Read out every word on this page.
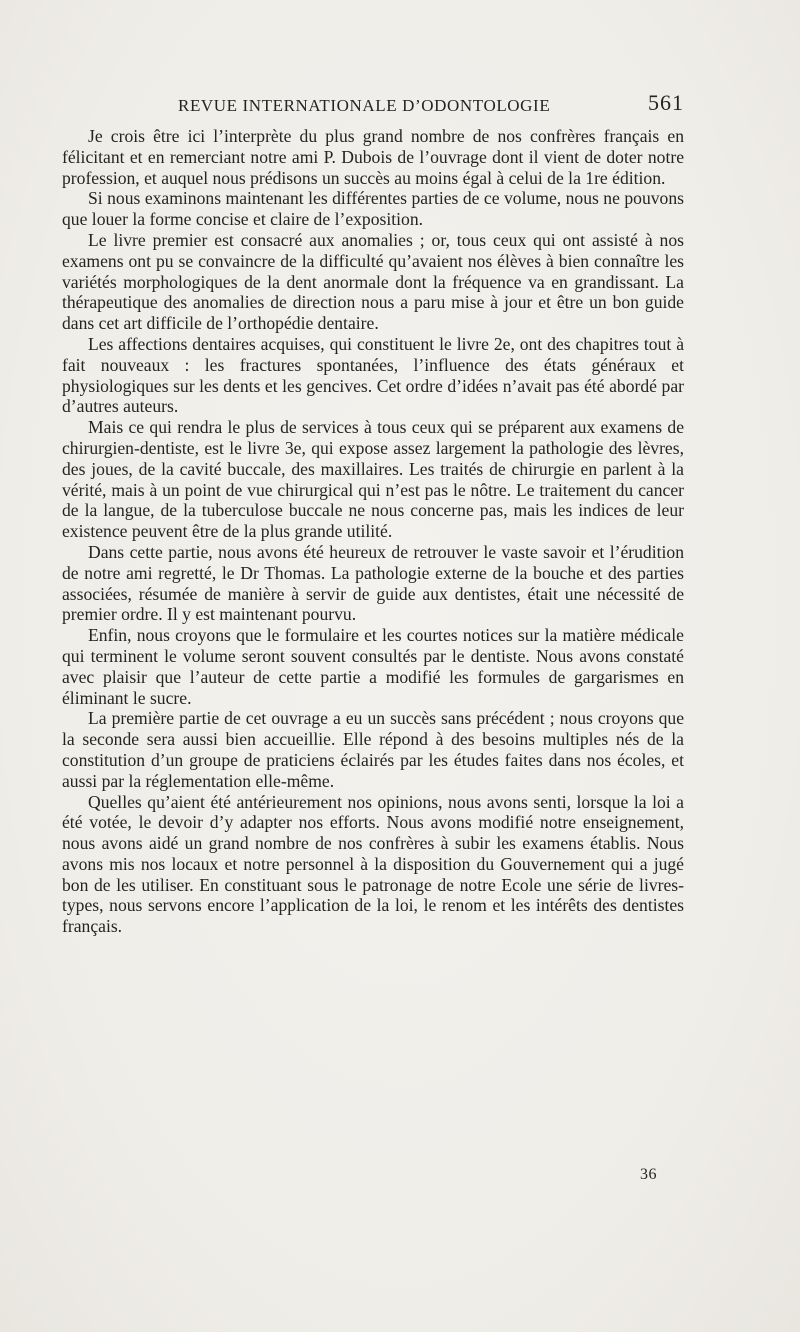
REVUE INTERNATIONALE D’ODONTOLOGIE	561

Je crois être ici l’interprète du plus grand nombre de nos confrères français en félicitant et en remerciant notre ami P. Dubois de l’ouvrage dont il vient de doter notre profession, et auquel nous prédisons un succès au moins égal à celui de la 1re édition.

Si nous examinons maintenant les différentes parties de ce volume, nous ne pouvons que louer la forme concise et claire de l’exposition.

Le livre premier est consacré aux anomalies ; or, tous ceux qui ont assisté à nos examens ont pu se convaincre de la difficulté qu’avaient nos élèves à bien connaître les variétés morphologiques de la dent anormale dont la fréquence va en grandissant. La thérapeutique des anomalies de direction nous a paru mise à jour et être un bon guide dans cet art difficile de l’orthopédie dentaire.

Les affections dentaires acquises, qui constituent le livre 2e, ont des chapitres tout à fait nouveaux : les fractures spontanées, l’influence des états généraux et physiologiques sur les dents et les gencives. Cet ordre d’idées n’avait pas été abordé par d’autres auteurs.

Mais ce qui rendra le plus de services à tous ceux qui se préparent aux examens de chirurgien-dentiste, est le livre 3e, qui expose assez largement la pathologie des lèvres, des joues, de la cavité buccale, des maxillaires. Les traités de chirurgie en parlent à la vérité, mais à un point de vue chirurgical qui n’est pas le nôtre. Le traitement du cancer de la langue, de la tuberculose buccale ne nous concerne pas, mais les indices de leur existence peuvent être de la plus grande utilité.

Dans cette partie, nous avons été heureux de retrouver le vaste savoir et l’érudition de notre ami regretté, le Dr Thomas. La pathologie externe de la bouche et des parties associées, résumée de manière à servir de guide aux dentistes, était une nécessité de premier ordre. Il y est maintenant pourvu.

Enfin, nous croyons que le formulaire et les courtes notices sur la matière médicale qui terminent le volume seront souvent consultés par le dentiste. Nous avons constaté avec plaisir que l’auteur de cette partie a modifié les formules de gargarismes en éliminant le sucre.

La première partie de cet ouvrage a eu un succès sans précédent ; nous croyons que la seconde sera aussi bien accueillie. Elle répond à des besoins multiples nés de la constitution d’un groupe de praticiens éclairés par les études faites dans nos écoles, et aussi par la réglementation elle-même.

Quelles qu’aient été antérieurement nos opinions, nous avons senti, lorsque la loi a été votée, le devoir d’y adapter nos efforts. Nous avons modifié notre enseignement, nous avons aidé un grand nombre de nos confrères à subir les examens établis. Nous avons mis nos locaux et notre personnel à la disposition du Gouvernement qui a jugé bon de les utiliser. En constituant sous le patronage de notre Ecole une série de livres-types, nous servons encore l’application de la loi, le renom et les intérêts des dentistes français.

36
